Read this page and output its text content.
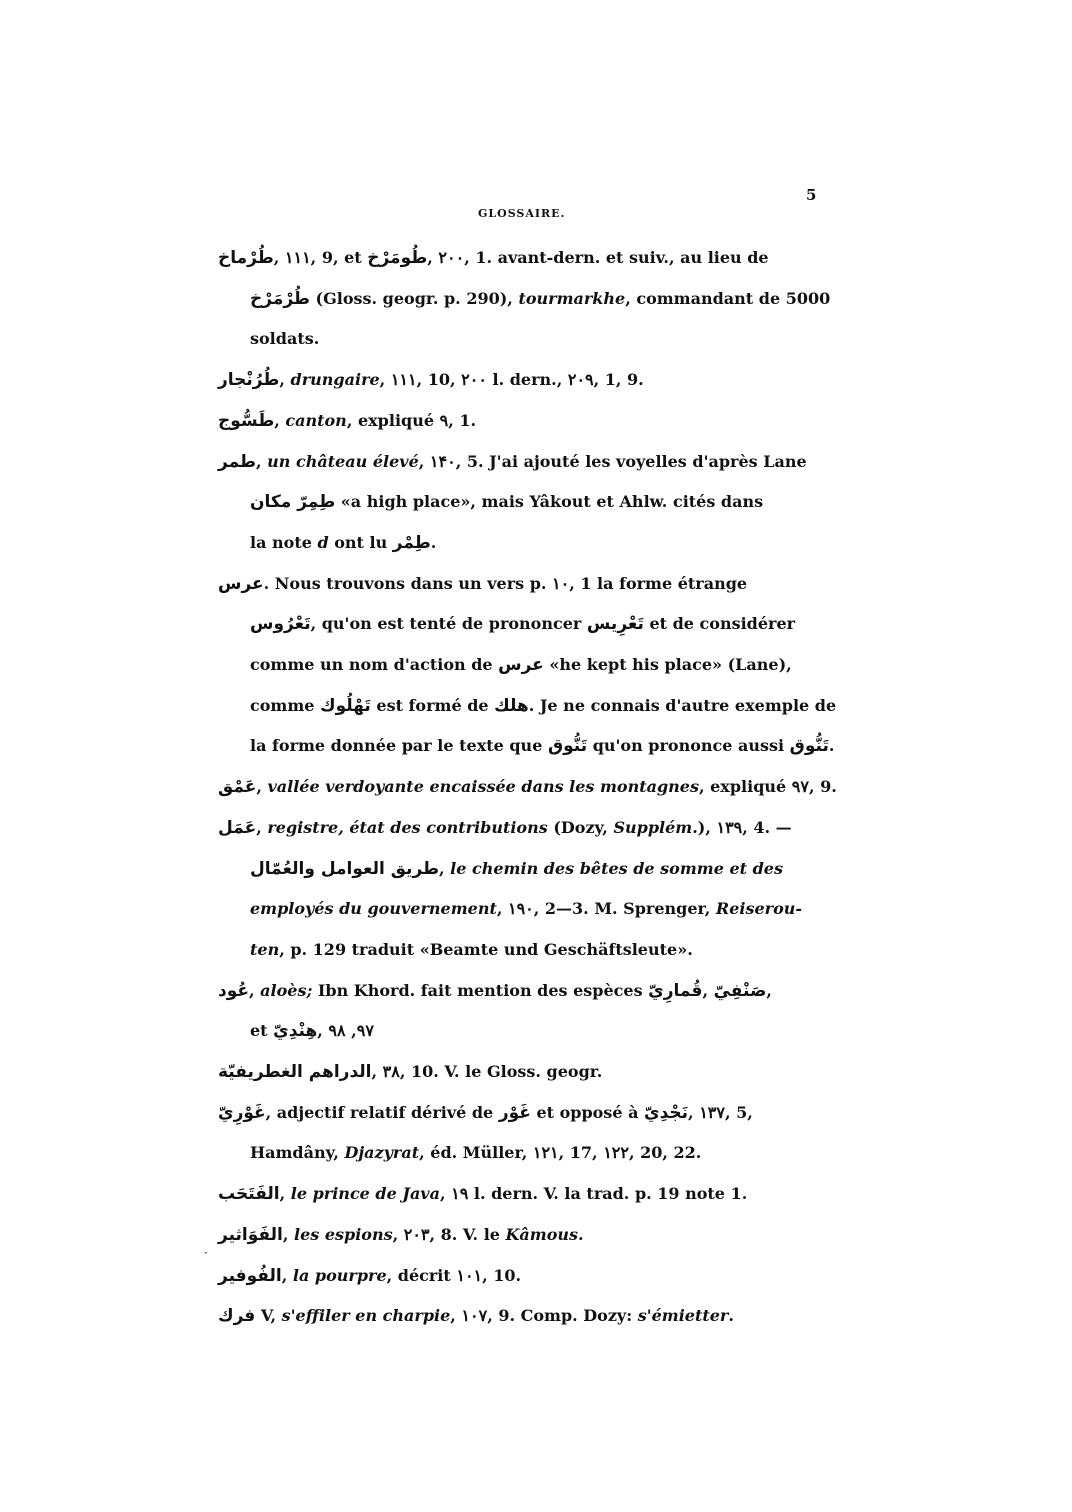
5
GLOSSAIRE.
طُرْماخ, ۱۱۱, 9, et طُومَرْخ, ۲۰۰, 1. avant-dern. et suiv., au lieu de
طُرْمَرْخ (Gloss. geogr. p. 290), tourmarkhe, commandant de 5000
soldats.
طُرُنْجار, drungaire, ۱۱۱, 10, ۲۰۰ l. dern., ۲۰۹, 1, 9.
طَسُّوج, canton, expliqué ٩, 1.
طمر, un château élevé, ۱۴۰, 5. J'ai ajouté les voyelles d'après Lane
طِمِرّ مكان «a high place», mais Yâkout et Ahlw. cités dans
la note d ont lu طِمْر.
عرس. Nous trouvons dans un vers p. ۱۰, 1 la forme étrange
تَعْرُوس, qu'on est tenté de prononcer تَعْرِيس et de considérer
comme un nom d'action de عرس «he kept his place» (Lane),
comme تَهْلُوك est formé de هلك. Je ne connais d'autre exemple de
la forme donnée par le texte que تَنُّوق qu'on prononce aussi تَنُّوق.
عَمْق, vallée verdoyante encaissée dans les montagnes, expliqué ٩٧, 9.
عَمَل, registre, état des contributions (Dozy, Supplém.), ۱۳۹, 4. —
طريق العوامل والعُمّال, le chemin des bêtes de somme et des
employés du gouvernement, ۱۹۰, 2—3. M. Sprenger, Reiserou-
ten, p. 129 traduit «Beamte und Geschäftsleute».
عُود, aloès; Ibn Khord. fait mention des espèces قُمارِيّ, صَنْفِيّ,
et هِنْدِيّ, ٩٧, ٩٨
الدراهم الغطريفيّة, ۳۸, 10. V. le Gloss. geogr.
غَوْرِيّ, adjectif relatif dérivé de غَوْر et opposé à نَجْدِيّ, ۱۳۷, 5,
Hamdâny, Djazyrat, éd. Müller, ۱۲۱, 17, ۱۲۲, 20, 22.
الفَتَحَب, le prince de Java, ۱۹ l. dern. V. la trad. p. 19 note 1.
الفَوَاثير, les espions, ۲۰۳, 8. V. le Kâmous.
الفُوفير, la pourpre, décrit ۱۰۱, 10.
فرك V, s'effiler en charpie, ۱۰۷, 9. Comp. Dozy: s'émietter.
·
